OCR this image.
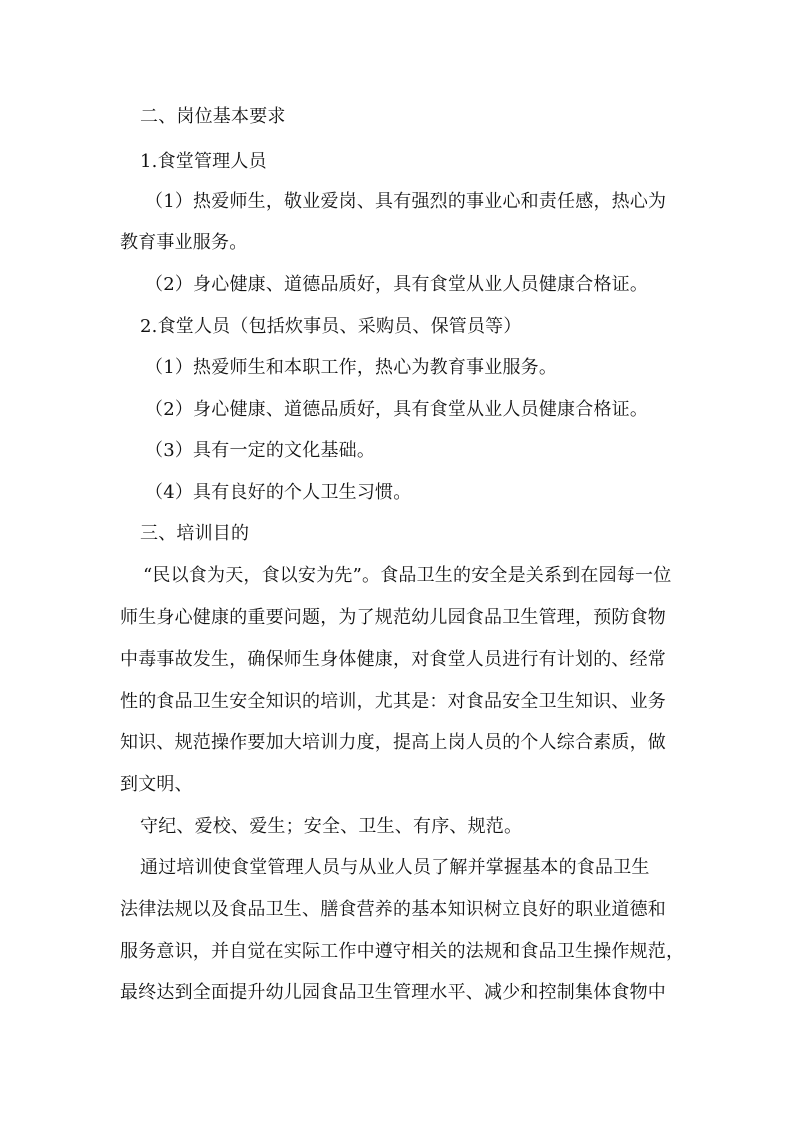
二、岗位基本要求
1.食堂管理人员
（1）热爱师生，敬业爱岗、具有强烈的事业心和责任感，热心为
教育事业服务。
（2）身心健康、道德品质好，具有食堂从业人员健康合格证。
2.食堂人员（包括炊事员、采购员、保管员等）
（1）热爱师生和本职工作，热心为教育事业服务。
（2）身心健康、道德品质好，具有食堂从业人员健康合格证。
（3）具有一定的文化基础。
（4）具有良好的个人卫生习惯。
三、培训目的
“民以食为天，食以安为先”。食品卫生的安全是关系到在园每一位
师生身心健康的重要问题，为了规范幼儿园食品卫生管理，预防食物
中毒事故发生，确保师生身体健康，对食堂人员进行有计划的、经常
性的食品卫生安全知识的培训，尤其是：对食品安全卫生知识、业务
知识、规范操作要加大培训力度，提高上岗人员的个人综合素质，做
到文明、
守纪、爱校、爱生；安全、卫生、有序、规范。
通过培训使食堂管理人员与从业人员了解并掌握基本的食品卫生
法律法规以及食品卫生、膳食营养的基本知识树立良好的职业道德和
服务意识，并自觉在实际工作中遵守相关的法规和食品卫生操作规范，
最终达到全面提升幼儿园食品卫生管理水平、减少和控制集体食物中
